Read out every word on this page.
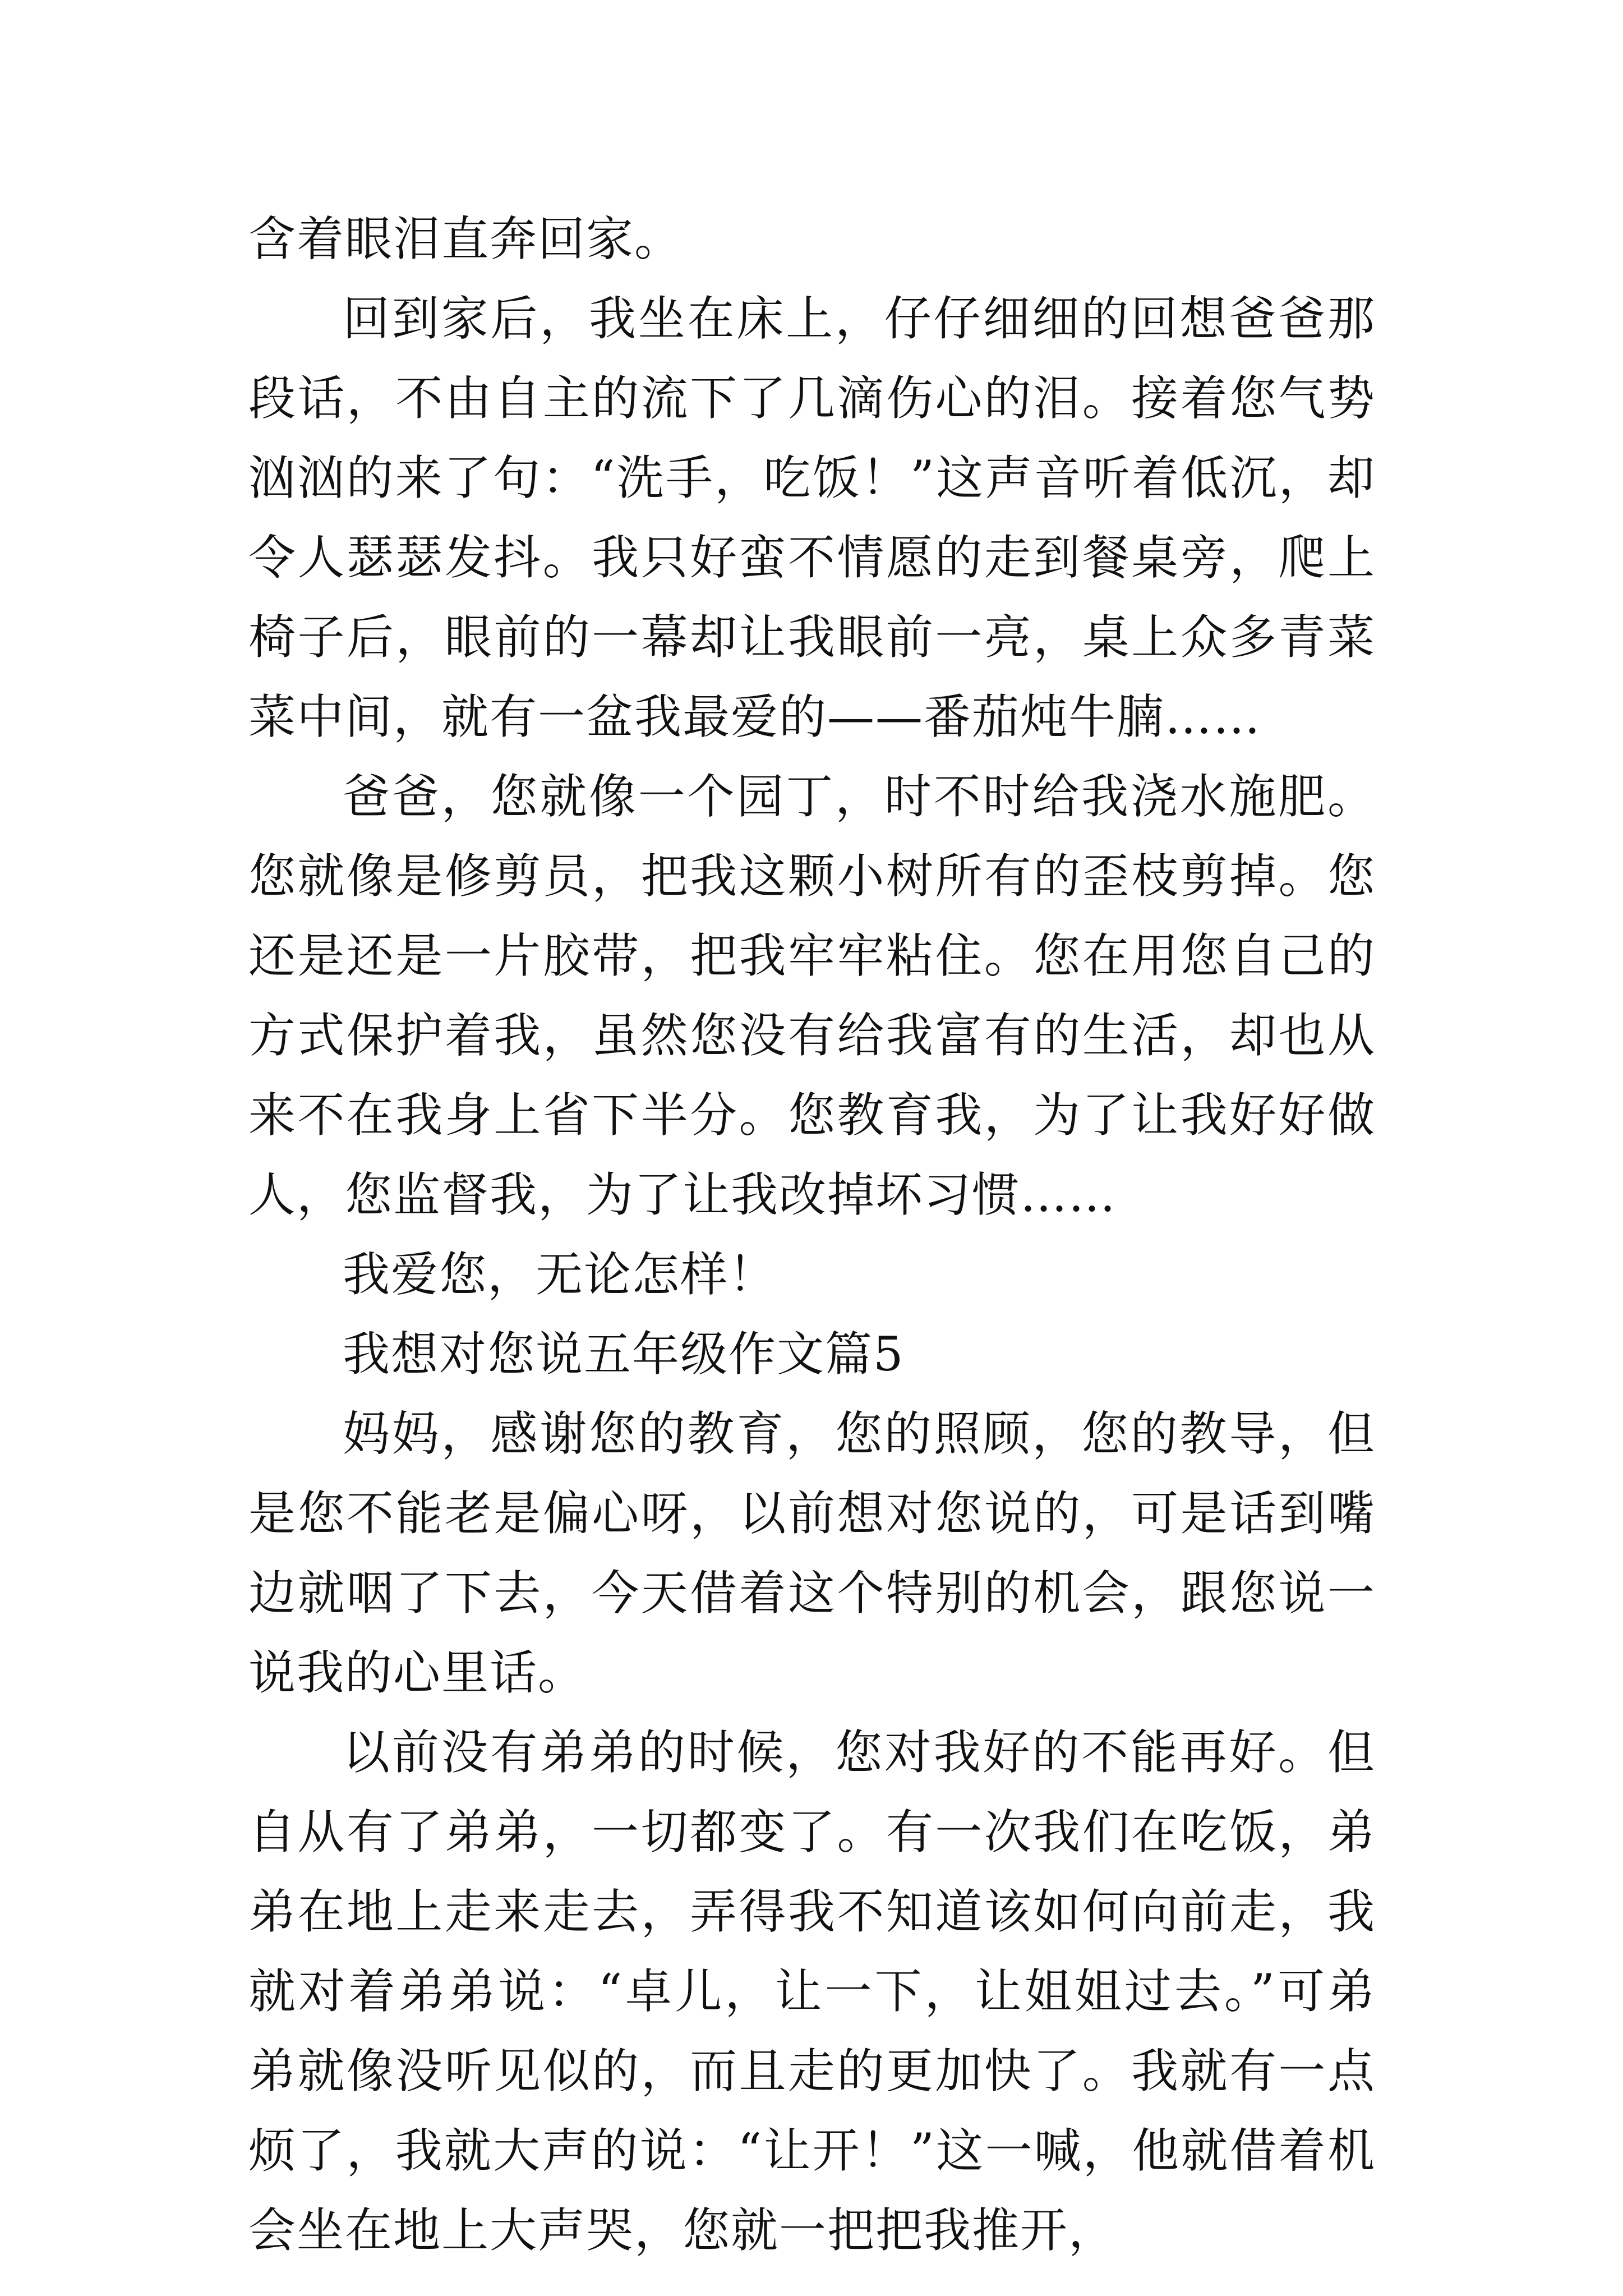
含着眼泪直奔回家。

回到家后，我坐在床上，仔仔细细的回想爸爸那段话，不由自主的流下了几滴伤心的泪。接着您气势汹汹的来了句：“洗手，吃饭！”这声音听着低沉，却令人瑟瑟发抖。我只好蛮不情愿的走到餐桌旁，爬上椅子后，眼前的一幕却让我眼前一亮，桌上众多青菜菜中间，就有一盆我最爱的——番茄炖牛腩……

爸爸，您就像一个园丁，时不时给我浇水施肥。您就像是修剪员，把我这颗小树所有的歪枝剪掉。您还是还是一片胶带，把我牢牢粘住。您在用您自己的方式保护着我，虽然您没有给我富有的生活，却也从来不在我身上省下半分。您教育我，为了让我好好做人，您监督我，为了让我改掉坏习惯……

我爱您，无论怎样！

我想对您说五年级作文篇5

妈妈，感谢您的教育，您的照顾，您的教导，但是您不能老是偏心呀，以前想对您说的，可是话到嘴边就咽了下去，今天借着这个特别的机会，跟您说一说我的心里话。

以前没有弟弟的时候，您对我好的不能再好。但自从有了弟弟，一切都变了。有一次我们在吃饭，弟弟在地上走来走去，弄得我不知道该如何向前走，我就对着弟弟说：“卓儿，让一下，让姐姐过去。”可弟弟就像没听见似的，而且走的更加快了。我就有一点烦了，我就大声的说：“让开！”这一喊，他就借着机会坐在地上大声哭，您就一把把我推开，
